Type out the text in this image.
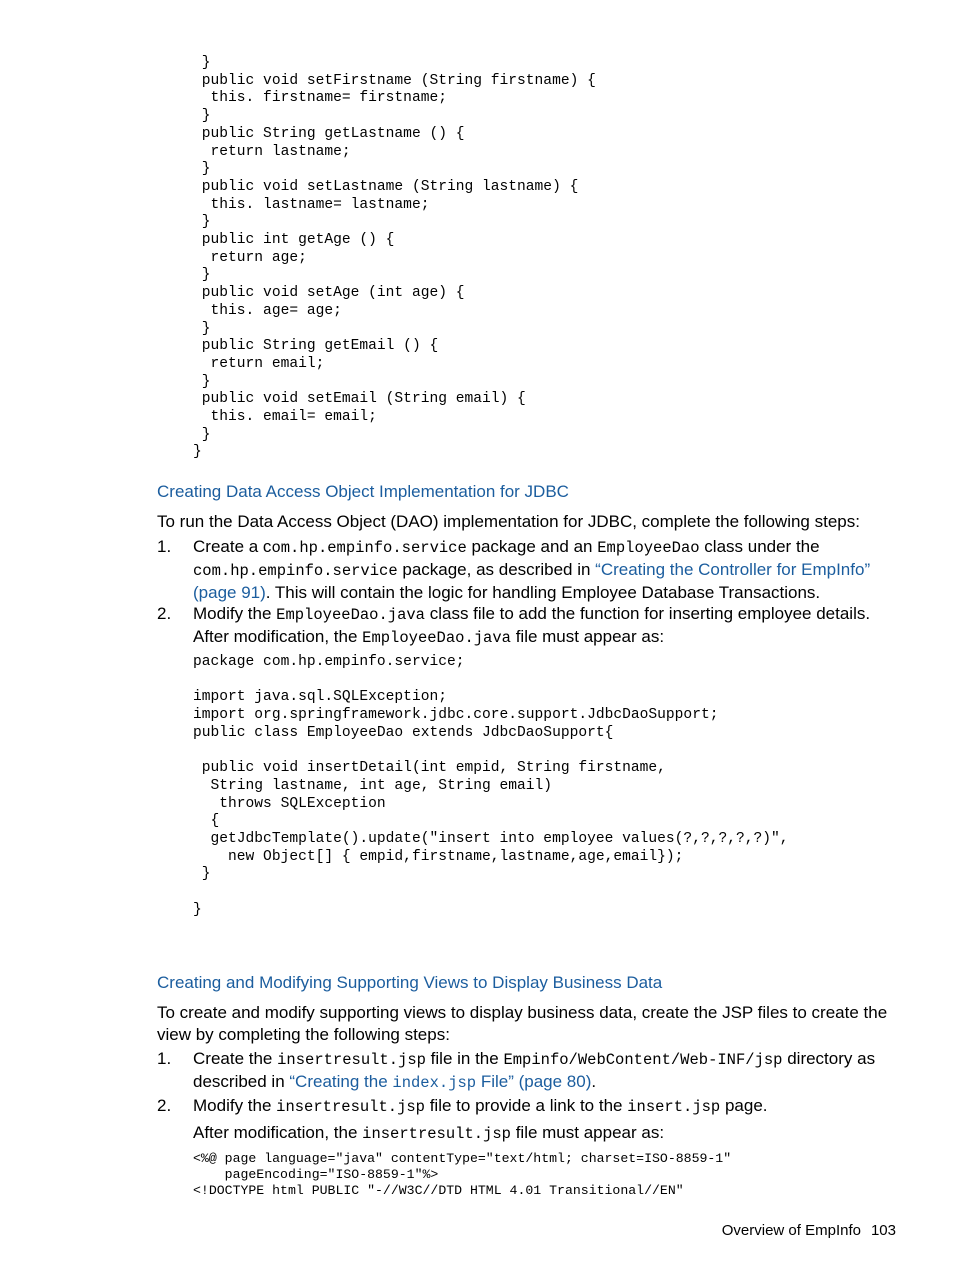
}
public void setFirstname (String firstname) {
this. firstname= firstname;
}
public String getLastname () {
return lastname;
}
public void setLastname (String lastname) {
this. lastname= lastname;
}
public int getAge () {
return age;
}
public void setAge (int age) {
this. age= age;
}
public String getEmail () {
return email;
}
public void setEmail (String email) {
this. email= email;
}
}
Creating Data Access Object Implementation for JDBC

To run the Data Access Object (DAO) implementation for JDBC, complete the following steps:

1. Create a com.hp.empinfo.service package and an EmployeeDao class under the com.hp.empinfo.service package, as described in “Creating the Controller for EmpInfo” (page 91). This will contain the logic for handling Employee Database Transactions.
2. Modify the EmployeeDao.java class file to add the function for inserting employee details. After modification, the EmployeeDao.java file must appear as:
package com.hp.empinfo.service;

import java.sql.SQLException;
import org.springframework.jdbc.core.support.JdbcDaoSupport;
public class EmployeeDao extends JdbcDaoSupport{

public void insertDetail(int empid, String firstname,
String lastname, int age, String email)
throws SQLException
{
getJdbcTemplate().update("insert into employee values(?,?,?,?,?)",
new Object[] { empid,firstname,lastname,age,email});
}

}
Creating and Modifying Supporting Views to Display Business Data

To create and modify supporting views to display business data, create the JSP files to create the view by completing the following steps:

1. Create the insertresult.jsp file in the Empinfo/WebContent/Web-INF/jsp directory as described in “Creating the index.jsp File” (page 80).
2. Modify the insertresult.jsp file to provide a link to the insert.jsp page.
After modification, the insertresult.jsp file must appear as:
<%@ page language="java" contentType="text/html; charset=ISO-8859-1"
pageEncoding="ISO-8859-1"%>
<!DOCTYPE html PUBLIC "-//W3C//DTD HTML 4.01 Transitional//EN"
Overview of EmpInfo 103
